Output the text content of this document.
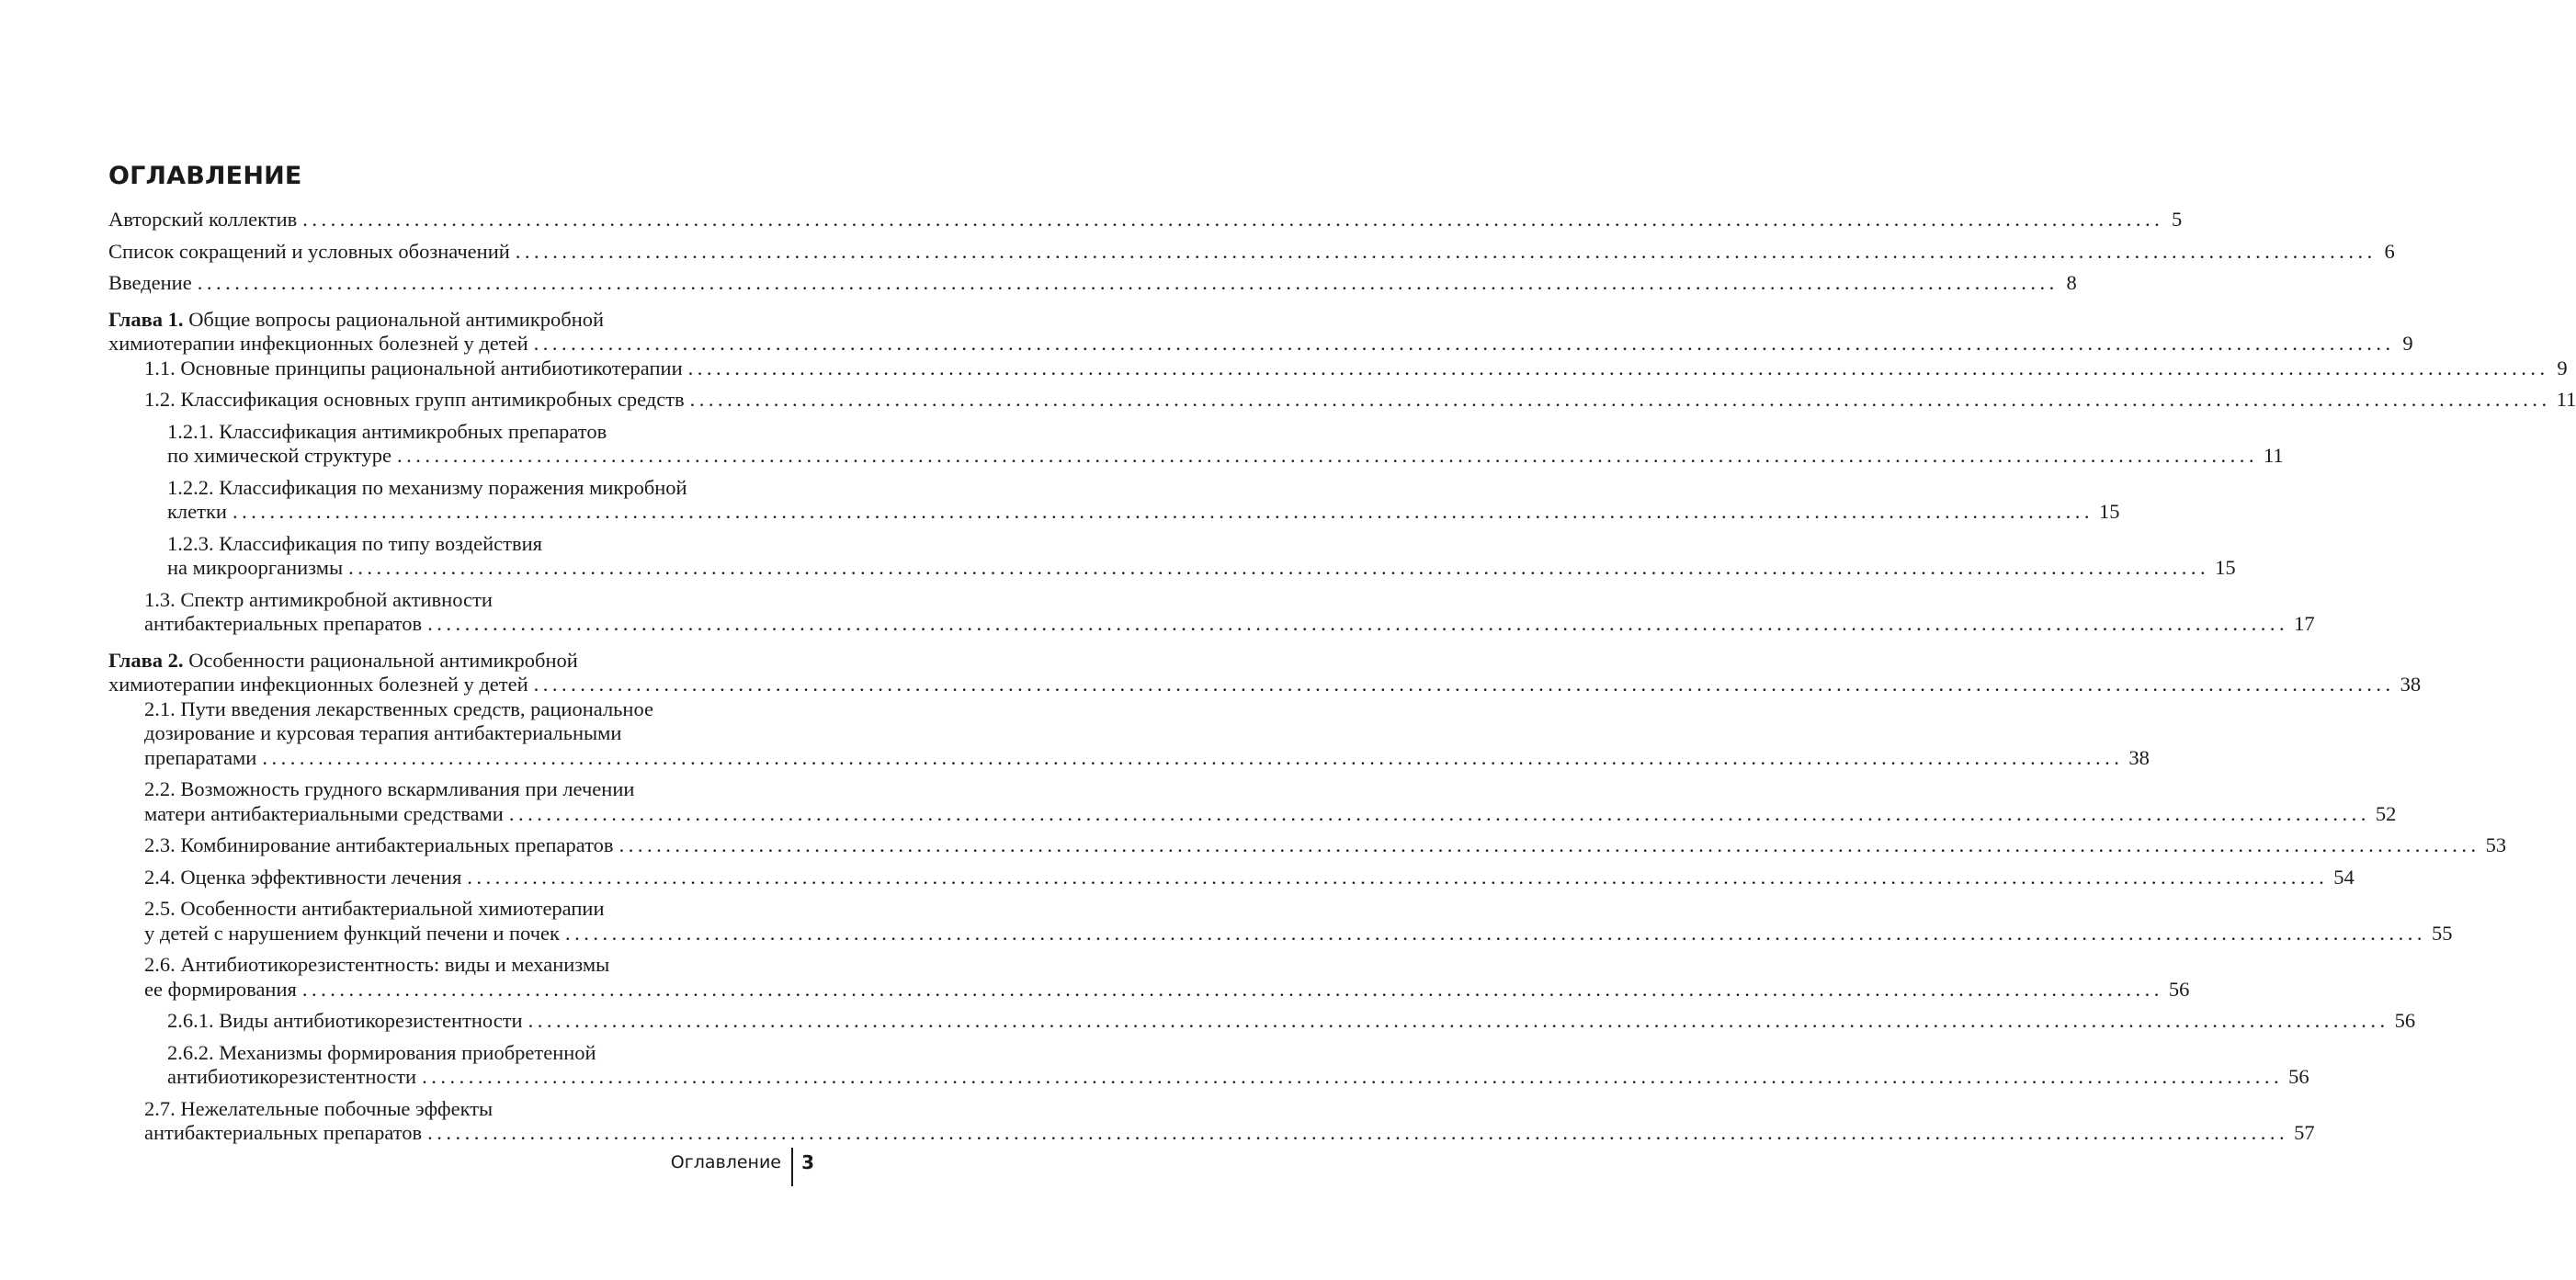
ОГЛАВЛЕНИЕ
Авторский коллектив ........................................................................................................................................................................................................ 5
Список сокращений и условных обозначений ........................................................................................................................................................................................................ 6
Введение ........................................................................................................................................................................................................ 8
Глава 1. Общие вопросы рациональной антимикробной
химиотерапии инфекционных болезней у детей ........................................................................................................................................................................................................ 9
1.1. Основные принципы рациональной антибиотикотерапии ........................................................................................................................................................................................................ 9
1.2. Классификация основных групп антимикробных средств ........................................................................................................................................................................................................ 11
1.2.1. Классификация антимикробных препаратов
по химической структуре ........................................................................................................................................................................................................ 11
1.2.2. Классификация по механизму поражения микробной
клетки ........................................................................................................................................................................................................ 15
1.2.3. Классификация по типу воздействия
на микроорганизмы ........................................................................................................................................................................................................ 15
1.3. Спектр антимикробной активности
антибактериальных препаратов ........................................................................................................................................................................................................ 17
Глава 2. Особенности рациональной антимикробной
химиотерапии инфекционных болезней у детей ........................................................................................................................................................................................................ 38
2.1. Пути введения лекарственных средств, рациональное
дозирование и курсовая терапия антибактериальными
препаратами ........................................................................................................................................................................................................ 38
2.2. Возможность грудного вскармливания при лечении
матери антибактериальными средствами ........................................................................................................................................................................................................ 52
2.3. Комбинирование антибактериальных препаратов ........................................................................................................................................................................................................ 53
2.4. Оценка эффективности лечения ........................................................................................................................................................................................................ 54
2.5. Особенности антибактериальной химиотерапии
у детей с нарушением функций печени и почек ........................................................................................................................................................................................................ 55
2.6. Антибиотикорезистентность: виды и механизмы
ее формирования ........................................................................................................................................................................................................ 56
2.6.1. Виды антибиотикорезистентности ........................................................................................................................................................................................................ 56
2.6.2. Механизмы формирования приобретенной
антибиотикорезистентности ........................................................................................................................................................................................................ 56
2.7. Нежелательные побочные эффекты
антибактериальных препаратов ........................................................................................................................................................................................................ 57
Оглавление 3
